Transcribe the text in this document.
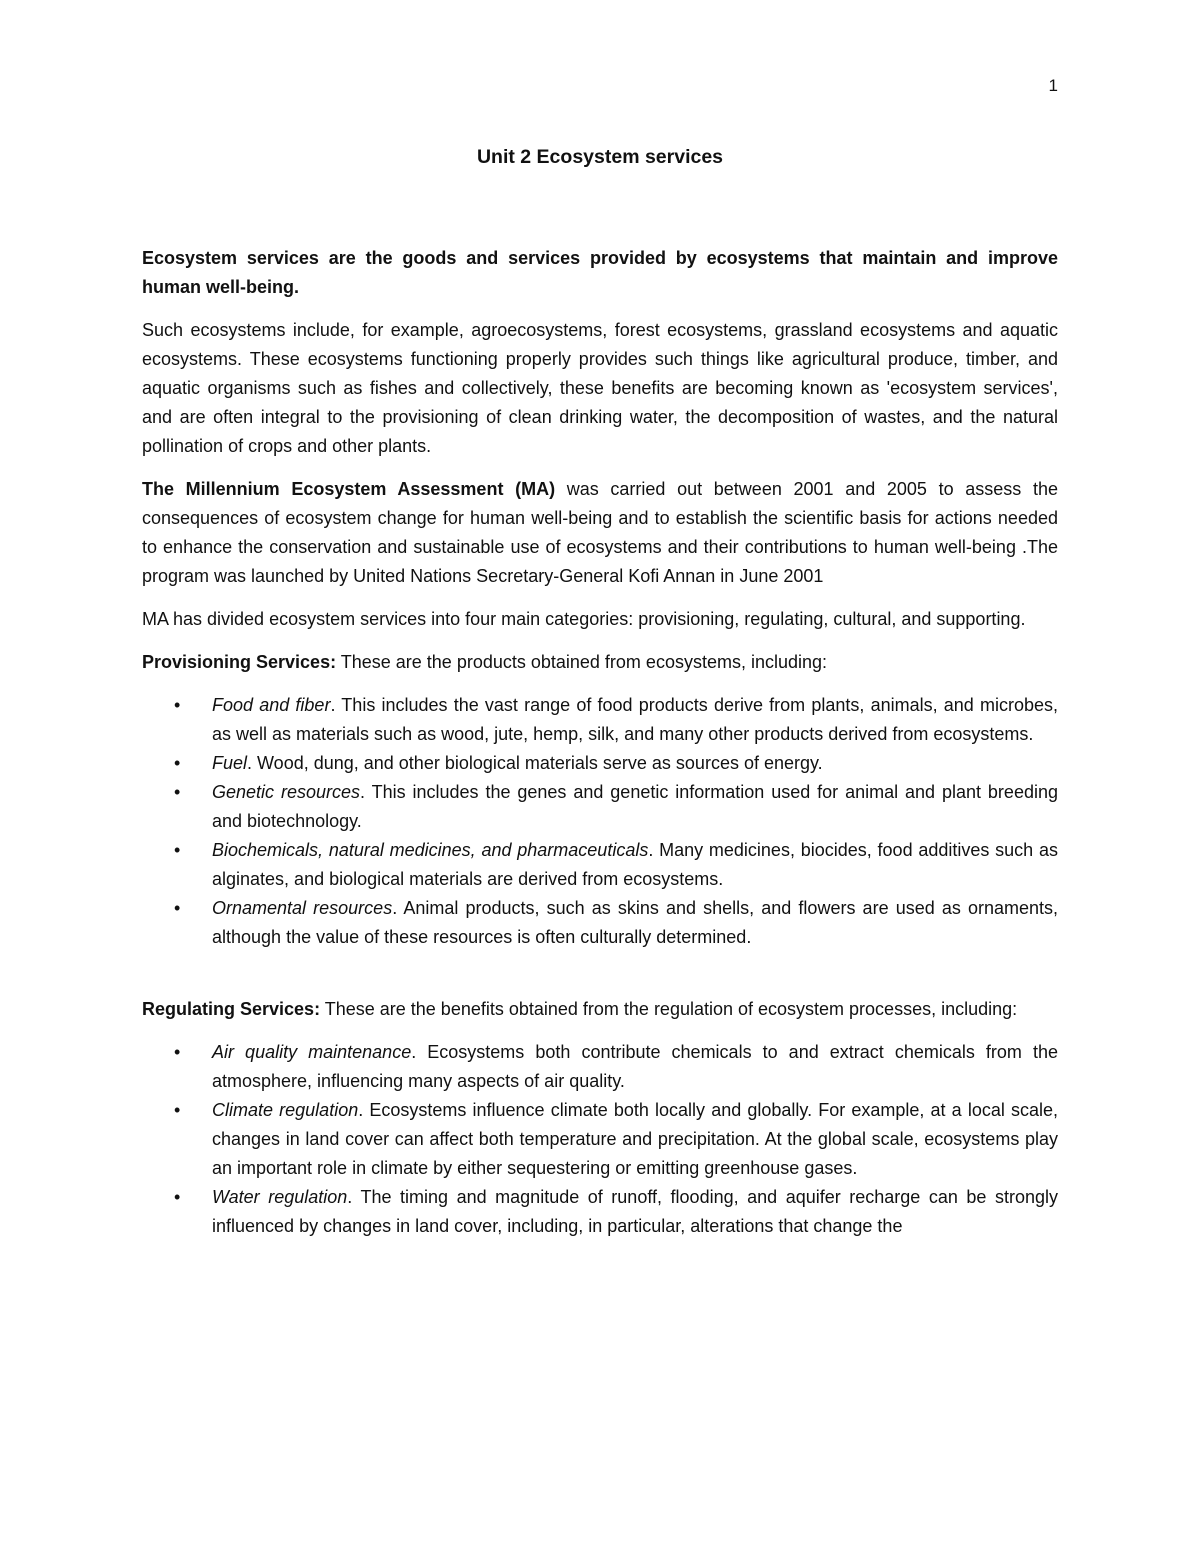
1
Unit 2 Ecosystem services

Ecosystem services are the goods and services provided by ecosystems that maintain and improve human well-being.

Such ecosystems include, for example, agroecosystems, forest ecosystems, grassland ecosystems and aquatic ecosystems. These ecosystems functioning properly provides such things like agricultural produce, timber, and aquatic organisms such as fishes and collectively, these benefits are becoming known as 'ecosystem services', and are often integral to the provisioning of clean drinking water, the decomposition of wastes, and the natural pollination of crops and other plants.

The Millennium Ecosystem Assessment (MA) was carried out between 2001 and 2005 to assess the consequences of ecosystem change for human well-being and to establish the scientific basis for actions needed to enhance the conservation and sustainable use of ecosystems and their contributions to human well-being .The program was launched by United Nations Secretary-General Kofi Annan in June 2001

MA has divided ecosystem services into four main categories: provisioning, regulating, cultural, and supporting.

Provisioning Services: These are the products obtained from ecosystems, including:

• Food and fiber. This includes the vast range of food products derive from plants, animals, and microbes, as well as materials such as wood, jute, hemp, silk, and many other products derived from ecosystems.
• Fuel. Wood, dung, and other biological materials serve as sources of energy.
• Genetic resources. This includes the genes and genetic information used for animal and plant breeding and biotechnology.
• Biochemicals, natural medicines, and pharmaceuticals. Many medicines, biocides, food additives such as alginates, and biological materials are derived from ecosystems.
• Ornamental resources. Animal products, such as skins and shells, and flowers are used as ornaments, although the value of these resources is often culturally determined.

Regulating Services: These are the benefits obtained from the regulation of ecosystem processes, including:

• Air quality maintenance. Ecosystems both contribute chemicals to and extract chemicals from the atmosphere, influencing many aspects of air quality.
• Climate regulation. Ecosystems influence climate both locally and globally. For example, at a local scale, changes in land cover can affect both temperature and precipitation. At the global scale, ecosystems play an important role in climate by either sequestering or emitting greenhouse gases.
• Water regulation. The timing and magnitude of runoff, flooding, and aquifer recharge can be strongly influenced by changes in land cover, including, in particular, alterations that change the
